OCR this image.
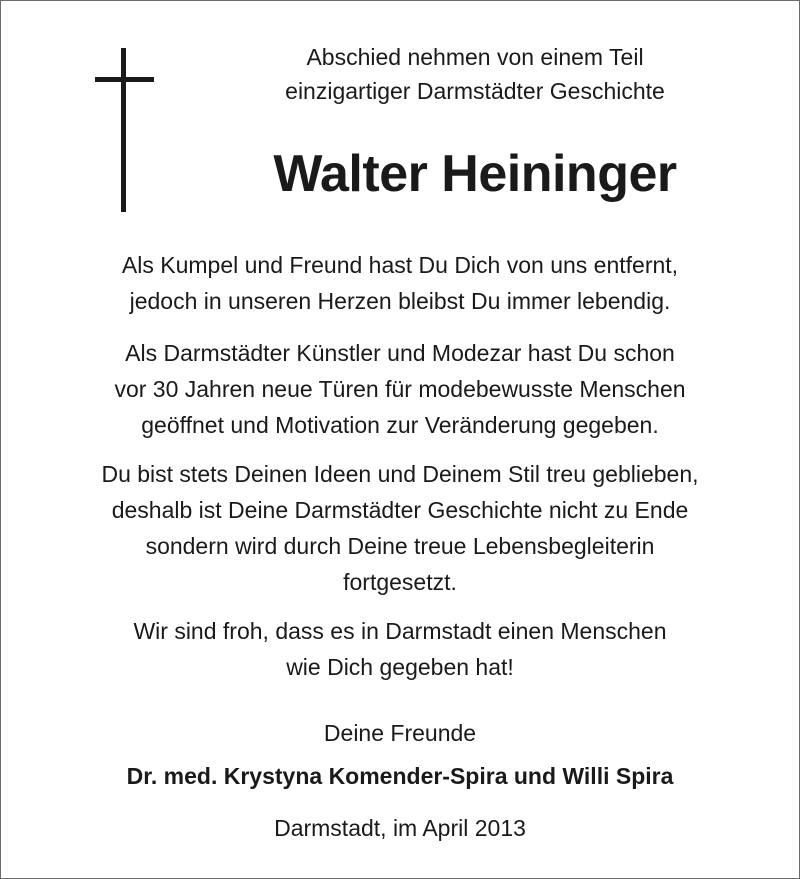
Abschied nehmen von einem Teil
einzigartiger Darmstädter Geschichte
Walter Heininger
Als Kumpel und Freund hast Du Dich von uns entfernt,
jedoch in unseren Herzen bleibst Du immer lebendig.
Als Darmstädter Künstler und Modezar hast Du schon
vor 30 Jahren neue Türen für modebewusste Menschen
geöffnet und Motivation zur Veränderung gegeben.
Du bist stets Deinen Ideen und Deinem Stil treu geblieben,
deshalb ist Deine Darmstädter Geschichte nicht zu Ende
sondern wird durch Deine treue Lebensbegleiterin
fortgesetzt.
Wir sind froh, dass es in Darmstadt einen Menschen
wie Dich gegeben hat!
Deine Freunde
Dr. med. Krystyna Komender-Spira und Willi Spira
Darmstadt, im April 2013
